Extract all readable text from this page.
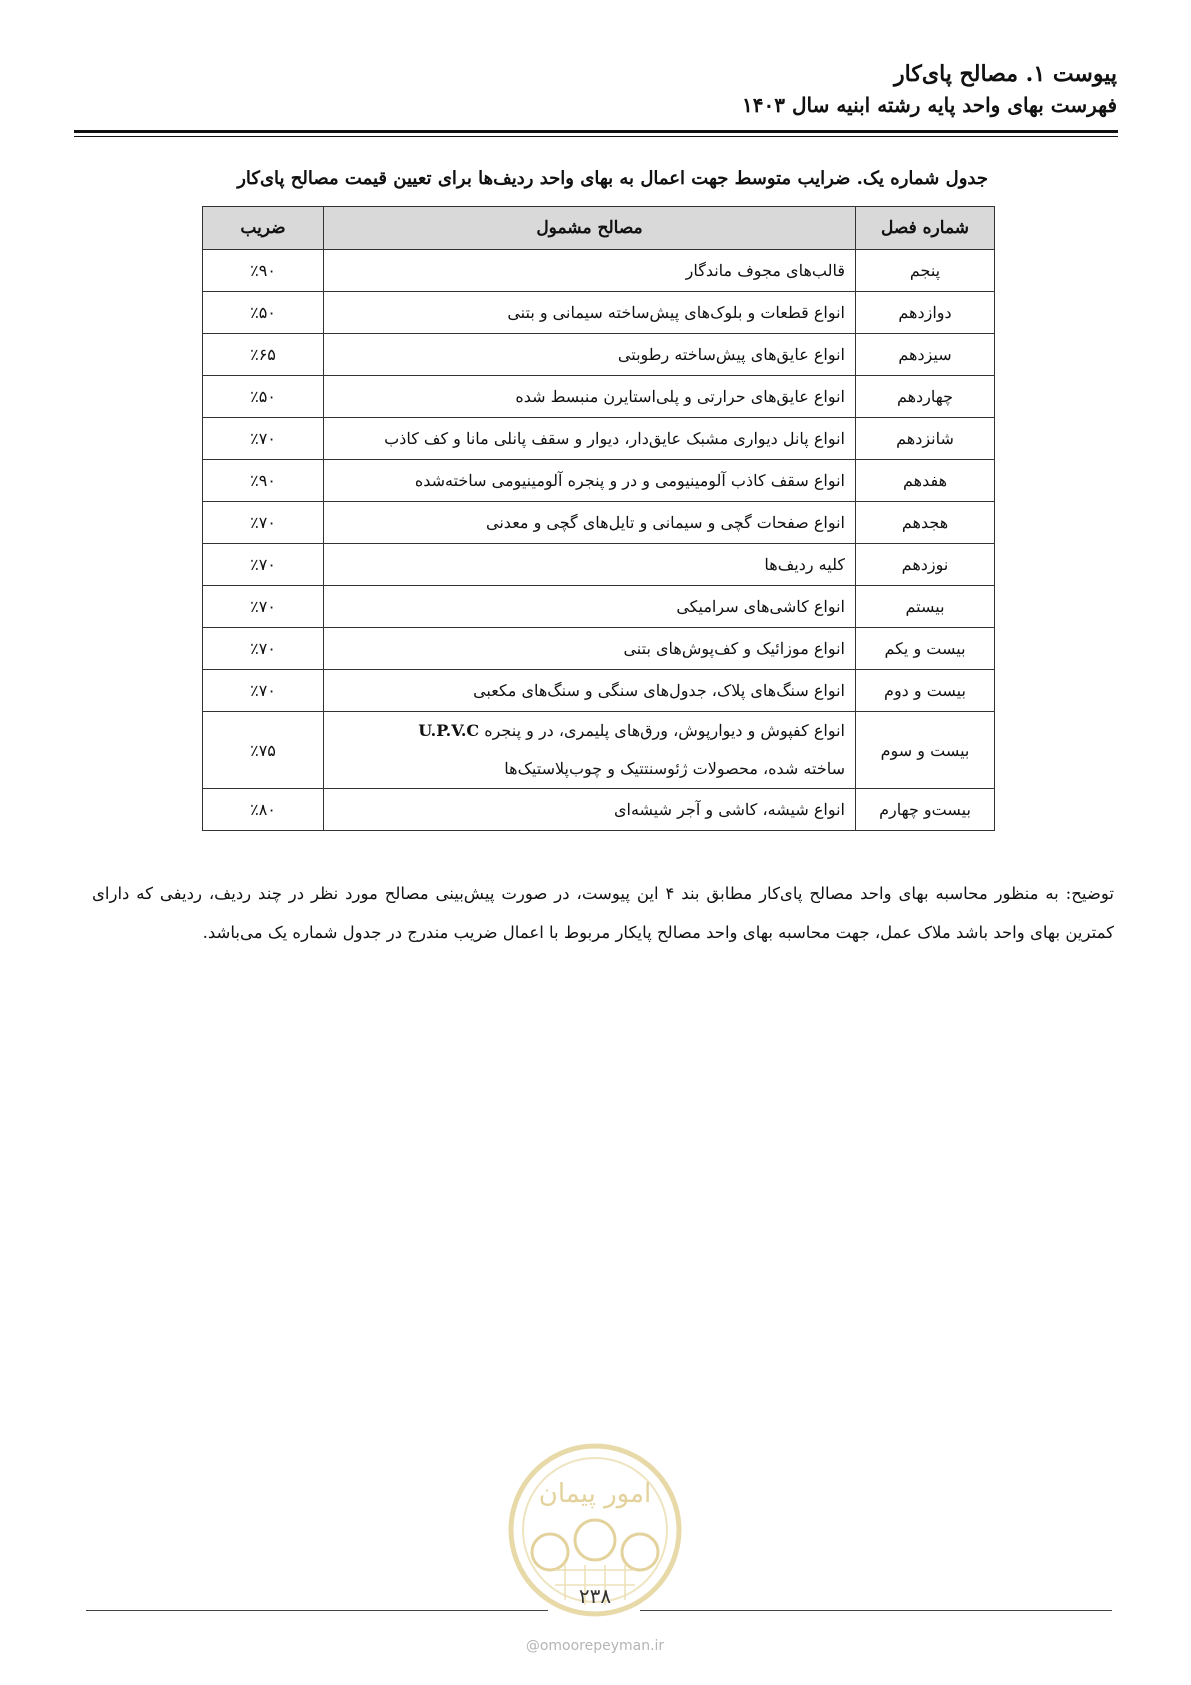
پیوست ۱. مصالح پای‌کار
فهرست بهای واحد پایه رشته ابنیه سال ۱۴۰۳
جدول شماره یک. ضرایب متوسط جهت اعمال به بهای واحد ردیف‌ها برای تعیین قیمت مصالح پای‌کار
شماره فصل	مصالح مشمول	ضریب
پنجم	قالب‌های مجوف ماندگار	٪۹۰
دوازدهم	انواع قطعات و بلوک‌های پیش‌ساخته سیمانی و بتنی	٪۵۰
سیزدهم	انواع عایق‌های پیش‌ساخته رطوبتی	٪۶۵
چهاردهم	انواع عایق‌های حرارتی و پلی‌استایرن منبسط شده	٪۵۰
شانزدهم	انواع پانل دیواری مشبک عایق‌دار، دیوار و سقف پانلی مانا و کف کاذب	٪۷۰
هفدهم	انواع سقف کاذب آلومینیومی و در و پنجره آلومینیومی ساخته‌شده	٪۹۰
هجدهم	انواع صفحات گچی و سیمانی و تایل‌های گچی و معدنی	٪۷۰
نوزدهم	کلیه ردیف‌ها	٪۷۰
بیستم	انواع کاشی‌های سرامیکی	٪۷۰
بیست و یکم	انواع موزائیک و کف‌پوش‌های بتنی	٪۷۰
بیست و دوم	انواع سنگ‌های پلاک، جدول‌های سنگی و سنگ‌های مکعبی	٪۷۰
بیست و سوم	انواع کفپوش و دیوارپوش، ورق‌های پلیمری، در و پنجره U.P.V.C
ساخته شده، محصولات ژئوسنتتیک و چوب‌پلاستیک‌ها	٪۷۵
بیست‌و چهارم	انواع شیشه، کاشی و آجر شیشه‌ای	٪۸۰
توضیح: به منظور محاسبه بهای واحد مصالح پای‌کار مطابق بند ۴ این پیوست، در صورت پیش‌بینی مصالح مورد نظر در چند ردیف، ردیفی که دارای کمترین بهای واحد باشد ملاک عمل، جهت محاسبه بهای واحد مصالح پایکار مربوط با اعمال ضریب مندرج در جدول شماره یک می‌باشد.
امور پیمان
۲۳۸
@omoorepeyman.ir
